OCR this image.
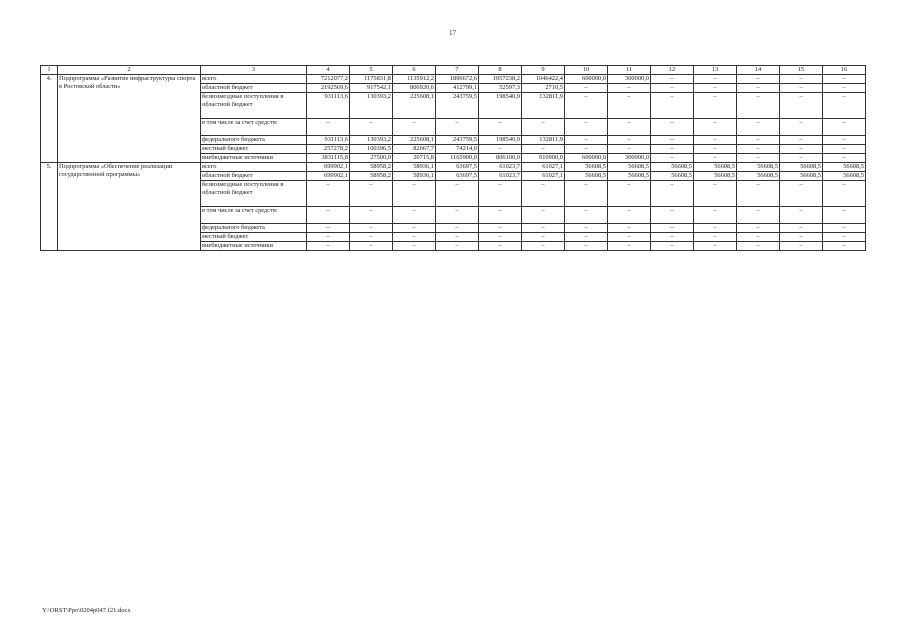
17
1	2	3	4	5	6	7	8	9	10	11	12	13	14	15	16
4.	Подпрограмма «Развитие инфраструктуры спорта в Ростовской области»	всего	7212077,2	1175831,8	1135912,2	1896672,6	1057238,2	1046422,4	600000,0	300000,0	–	–	–	–	–
		областной бюджет	2192569,6	917542,1	806920,6	412799,1	52597,3	2710,5	–	–	–	–	–	–	–
		безвозмездные поступления в областной бюджет	931113,6	130393,2	225608,1	243759,5	198540,9	132811,9	–	–	–	–	–	–	–
		в том числе за счет средств:	–	–	–	–	–	–	–	–	–	–	–	–	–
		федерального бюджета	931113,6	130393,2	225608,1	243759,5	198540,9	132811,9	–	–	–	–	–	–	–
		местный бюджет	257278,2	100396,5	82667,7	74214,0	–	–	–	–	–	–	–	–	–
		внебюджетные источники	3831115,8	27500,0	20715,8	1165900,0	806100,0	910900,0	600000,0	300000,0	–	–	–	–	–
5.	Подпрограмма «Обеспечение реализации государственной программы»	всего	699902,1	58958,2	58936,1	63697,5	61023,7	61027,1	56608,5	56608,5	56608,5	56608,5	56608,5	56608,5	56608,5
		областной бюджет	699902,1	58958,2	58936,1	63697,5	61023,7	61027,1	56608,5	56608,5	56608,5	56608,5	56608,5	56608,5	56608,5
		безвозмездные поступления в областной бюджет	–	–	–	–	–	–	–	–	–	–	–	–	–
		в том числе за счет средств:	–	–	–	–	–	–	–	–	–	–	–	–	–
		федерального бюджета	–	–	–	–	–	–	–	–	–	–	–	–	–
		местный бюджет	–	–	–	–	–	–	–	–	–	–	–	–	–
		внебюджетные источники	–	–	–	–	–	–	–	–	–	–	–	–	–
Y:\ORST\Ppo\0204p047.f21.docx
